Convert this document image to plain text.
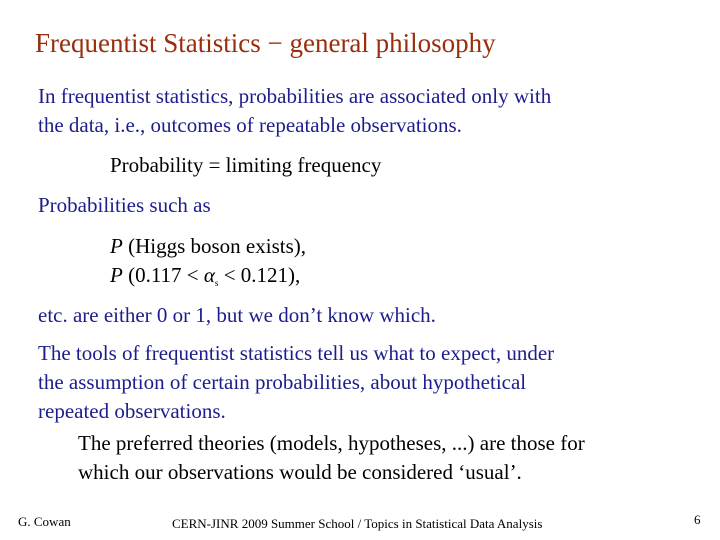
Frequentist Statistics − general philosophy
In frequentist statistics, probabilities are associated only with
the data, i.e., outcomes of repeatable observations.
Probability = limiting frequency
Probabilities such as
P (Higgs boson exists),
P $(0.117 < \alpha_s < 0.121)$,
etc. are either 0 or 1, but we don’t know which.
The tools of frequentist statistics tell us what to expect, under
the assumption of certain probabilities, about hypothetical
repeated observations.
The preferred theories (models, hypotheses, ...) are those for
which our observations would be considered ‘usual’.
G. Cowan	CERN-JINR 2009 Summer School / Topics in Statistical Data Analysis	6
